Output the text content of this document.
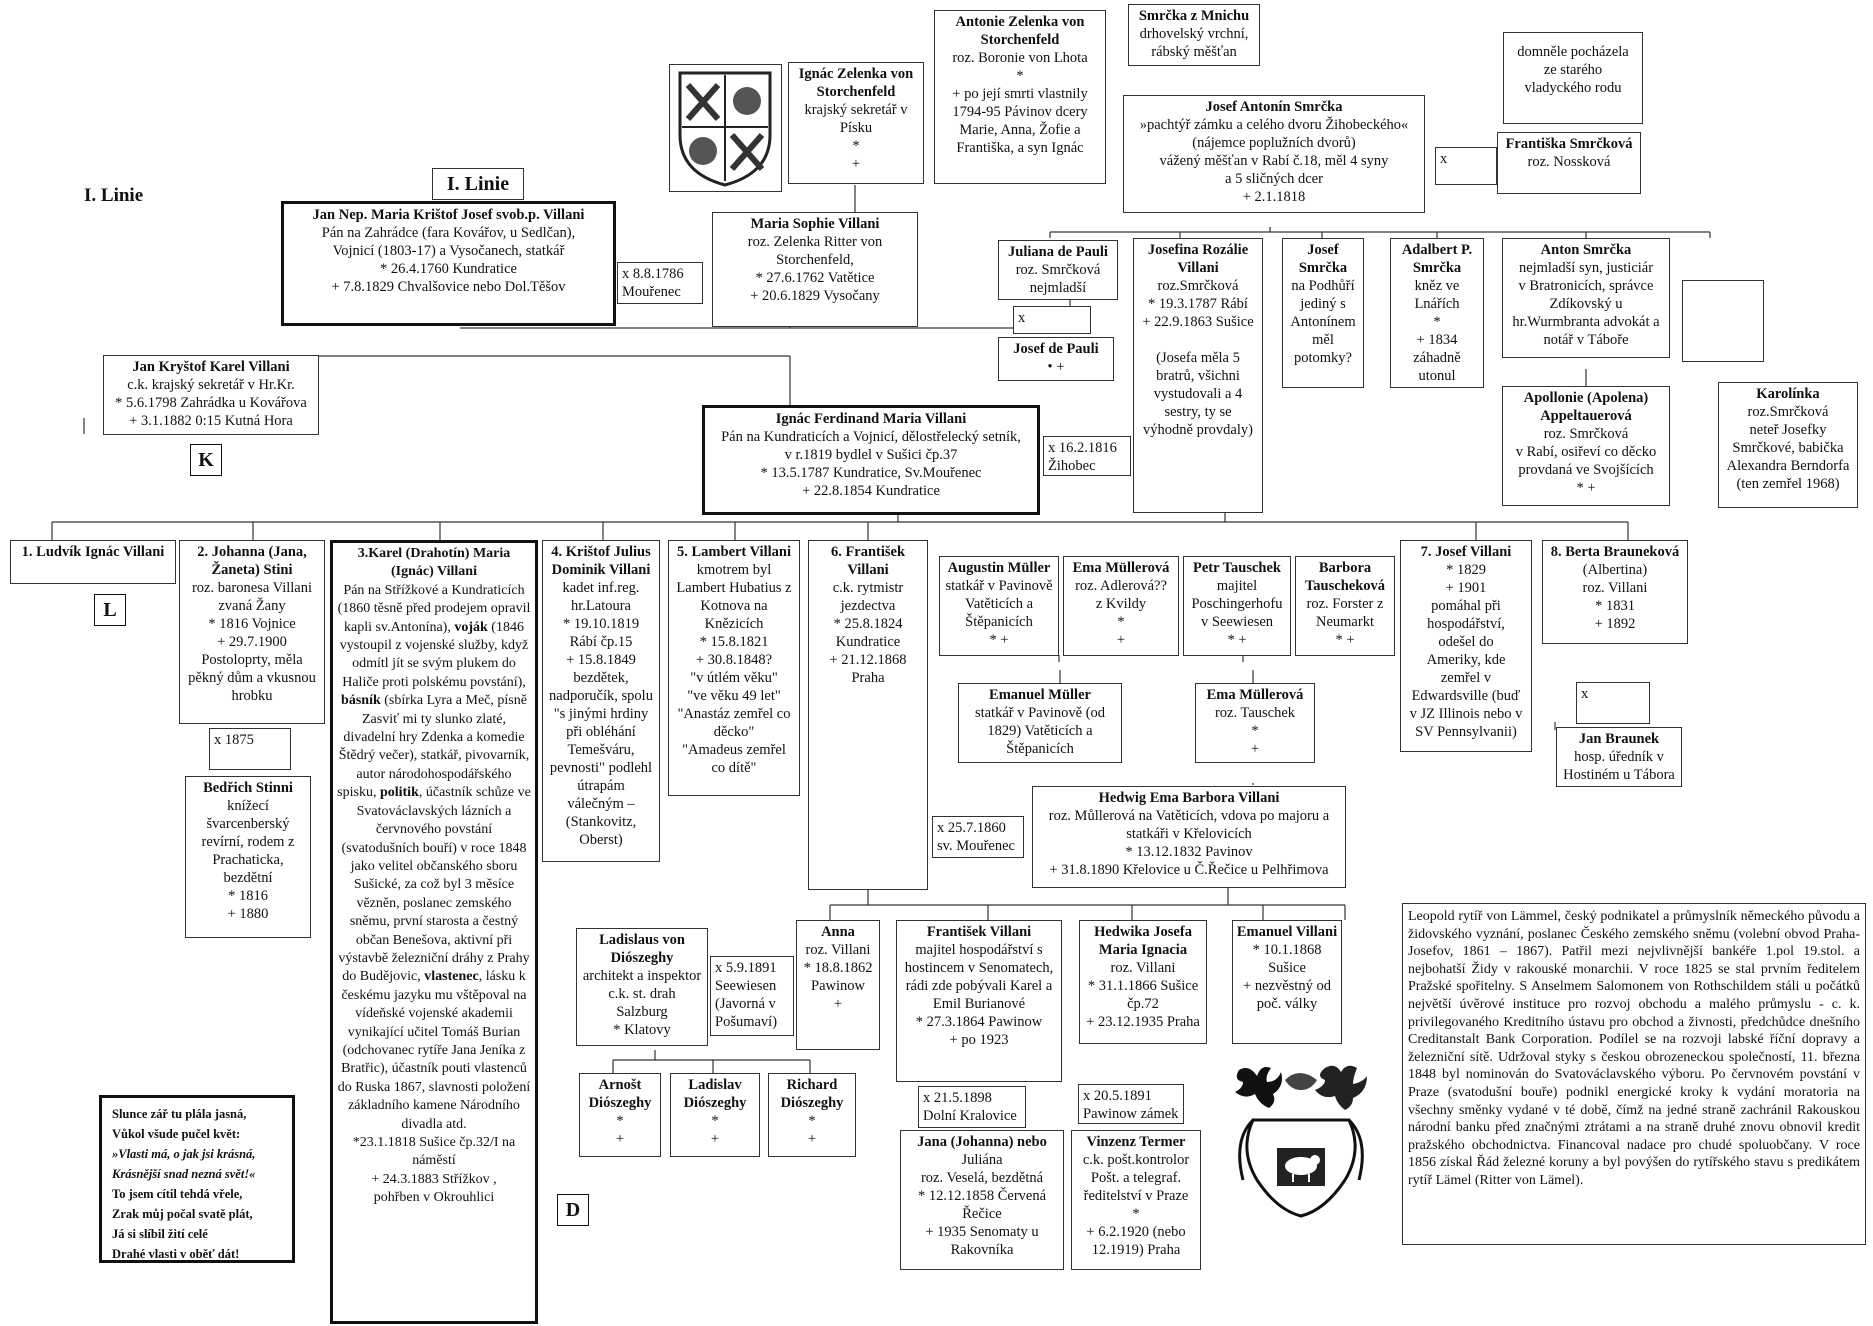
I. Linie
I. Linie
Antonie Zelenka von Storchenfeld
roz. Boronie von Lhota
*
+ po její smrti vlastnily
1794-95 Pávinov dcery
Marie, Anna, Žofie a
Františka, a syn Ignác
Ignác Zelenka von Storchenfeld
krajský sekretář v
Písku
*
+
Smrčka z Mnichu
drhovelský vrchní,
rábský měšťan	domněle pocházela
ze starého
vladyckého rodu
Josef Antonín Smrčka
»pachtýř zámku a celého dvoru Žihobeckého«
(nájemce poplužních dvorů)
vážený měšťan v Rabí č.18, měl 4 syny
a 5 sličných dcer
+ 2.1.1818
x
Františka Smrčková
roz. Nossková
Jan Nep. Maria Krištof Josef svob.p. Villani
Pán na Zahrádce (fara Kovářov, u Sedlčan),
Vojnicí (1803-17) a Vysočanech, statkář
* 26.4.1760 Kundratice
+ 7.8.1829 Chvalšovice nebo Dol.Těšov
x 8.8.1786
Mouřenec
Maria Sophie Villani
roz. Zelenka Ritter von
Storchenfeld,
* 27.6.1762 Vatětice
+ 20.6.1829 Vysočany
Juliana de Pauli
roz. Smrčková
nejmladší
x
Josef de Pauli
• +
Josefina Rozálie Villani
roz.Smrčková
* 19.3.1787 Rábí
+ 22.9.1863 Sušice

(Josefa měla 5
bratrů, všichni
vystudovali a 4
sestry, ty se
výhodně provdaly)
Josef Smrčka
na Podhůří
jediný s
Antonínem
měl
potomky?
Adalbert P. Smrčka
kněz ve
Lnářích
*
+ 1834
záhadně
utonul
Anton Smrčka
nejmladší syn, justiciár
v Bratronicích, správce
Zdíkovský u
hr.Wurmbranta advokát a
notář v Táboře
Apollonie (Apolena) Appeltauerová
roz. Smrčková
v Rabí, osiřeví co děcko
provdaná ve Svojšících
* +
Karolínka
roz.Smrčková
neteř Josefky
Smrčkové, babička
Alexandra Berndorfa
(ten zemřel 1968)
Jan Kryštof Karel Villani
c.k. krajský sekretář v Hr.Kr.
* 5.6.1798 Zahrádka u Kovářova
+ 3.1.1882 0:15 Kutná Hora
K
Ignác Ferdinand Maria Villani
Pán na Kundraticích a Vojnicí, dělostřelecký setník,
v r.1819 bydlel v Sušici čp.37
* 13.5.1787 Kundratice, Sv.Mouřenec
+ 22.8.1854 Kundratice
x 16.2.1816
Žihobec
1. Ludvík Ignác Villani
L
2. Johanna (Jana, Žaneta) Stini
roz. baronesa Villani
zvaná Žany
* 1816 Vojnice
+ 29.7.1900
Postoloprty, měla
pěkný dům a vkusnou
hrobku
x 1875
Bedřich Stinni
knížecí
švarcenberský
revírní, rodem z
Prachaticka,
bezdětní
* 1816
+ 1880
3.Karel (Drahotín) Maria (Ignác) Villani
Pán na Střížkové a Kundraticích (1860 těsně před prodejem opravil kapli sv.Antonína), voják (1846 vystoupil z vojenské služby, když odmítl jít se svým plukem do Haliče proti polskému povstání), básník (sbírka Lyra a Meč, písně Zasviť mi ty slunko zlaté, divadelní hry Zdenka a komedie Štědrý večer), statkář, pivovarník, autor národohospodářského spisku, politik, účastník schůze ve Svatováclavských lázních a červnového povstání (svatodušních bouří) v roce 1848 jako velitel občanského sboru Sušické, za což byl 3 měsíce vězněn, poslanec zemského sněmu, první starosta a čestný občan Benešova, aktivní při výstavbě železniční dráhy z Prahy do Budějovic, vlastenec, lásku k českému jazyku mu vštěpoval na vídeňské vojenské akademii vynikající učitel Tomáš Burian (odchovanec rytíře Jana Jeníka z Bratřic), účastník pouti vlastenců do Ruska 1867, slavnosti položení základního kamene Národního divadla atd.
*23.1.1818 Sušice čp.32/I na náměstí
+ 24.3.1883 Střížkov ,
pohřben v Okrouhlici
D
4. Krištof Julius Dominik Villani
kadet inf.reg.
hr.Latoura
* 19.10.1819
Rábí čp.15
+ 15.8.1849
bezdětek,
nadporučík, spolu
"s jinými hrdiny
při obléhání
Temešváru,
pevnosti" podlehl
útrapám
válečným –
(Stankovitz,
Oberst)
5. Lambert Villani
kmotrem byl
Lambert Hubatius z
Kotnova na
Knězicích
* 15.8.1821
+ 30.8.1848?
"v útlém věku"
"ve věku 49 let"
"Anastáz zemřel co
děcko"
"Amadeus zemřel
co dítě"
6. František Villani
c.k. rytmistr
jezdectva
* 25.8.1824
Kundratice
+ 21.12.1868
Praha
Augustin Müller
statkář v Pavinově
Vatěticích a
Štěpanicích
* +
Ema Müllerová
roz. Adlerová??
z Kvildy
*
+
Petr Tauschek
majitel
Poschingerhofu
v Seewiesen
* +
Barbora Tauscheková
roz. Forster z
Neumarkt
* +
7. Josef Villani
* 1829
+ 1901
pomáhal při
hospodářství,
odešel do
Ameriky, kde
zemřel v
Edwardsville (buď
v JZ Illinois nebo v
SV Pennsylvanii)
8. Berta Brauneková
(Albertina)
roz. Villani
* 1831
+ 1892
Emanuel Müller
statkář v Pavinově (od
1829) Vatěticích a
Štěpanicích
Ema Müllerová
roz. Tauschek
*
+
x
Jan Braunek
hosp. úředník v
Hostiném u Tábora
x 25.7.1860
sv. Mouřenec
Hedwig Ema Barbora Villani
roz. Můllerová na Vatěticích, vdova po majoru a
statkáři v Křelovicích
* 13.12.1832 Pavinov
+ 31.8.1890 Křelovice u Č.Řečice u Pelhřimova
Ladislaus von Diószeghy
architekt a inspektor
c.k. st. drah
Salzburg
* Klatovy
x 5.9.1891
Seewiesen
(Javorná v
Pošumaví)
Anna
roz. Villani
* 18.8.1862
Pawinow
+
František Villani
majitel hospodářství s
hostincem v Senomatech,
rádi zde pobývali Karel a
Emil Burianové
* 27.3.1864 Pawinow
+ po 1923
Hedwika Josefa Maria Ignacia
roz. Villani
* 31.1.1866 Sušice
čp.72
+ 23.12.1935 Praha
Emanuel Villani
* 10.1.1868
Sušice
+ nezvěstný od
poč. války
Arnošt Diószeghy
*
+
Ladislav Diószeghy
*
+
Richard Diószeghy
*
+
x 21.5.1898
Dolní Kralovice
x 20.5.1891
Pawinow zámek
Jana (Johanna) nebo
Juliána
roz. Veselá, bezdětná
* 12.12.1858 Červená
Řečice
+ 1935 Senomaty u
Rakovníka
Vinzenz Termer
c.k. pošt.kontrolor
Pošt. a telegraf.
ředitelství v Praze
*
+ 6.2.1920 (nebo
12.1919) Praha
Leopold rytíř von Lämmel, český podnikatel a průmyslník německého původu a židovského vyznání, poslanec Českého zemského sněmu (volební obvod Praha-Josefov, 1861 – 1867). Patřil mezi nejvlivnější bankéře 1.pol 19.stol. a nejbohatší Židy v rakouské monarchii. V roce 1825 se stal prvním ředitelem Pražské spořitelny. S Anselmem Salomonem von Rothschildem stáli u počátků největší úvěrové instituce pro rozvoj obchodu a malého průmyslu - c. k. privilegovaného Kreditního ústavu pro obchod a živnosti, předchůdce dnešního Creditanstalt Bank Corporation. Podílel se na rozvoji labské říční dopravy a železniční sítě. Udržoval styky s českou obrozeneckou společností, 11. března 1848 byl nominován do Svatováclavského výboru. Po červnovém povstání v Praze (svatodušní bouře) podnikl energické kroky k vydání moratoria na všechny směnky vydané v té době, čímž na jedné straně zachránil Rakouskou národní banku před značnými ztrátami a na straně druhé znovu obnovil kredit pražského obchodnictva. Financoval nadace pro chudé spoluobčany. V roce 1856 získal Řád železné koruny a byl povýšen do rytířského stavu s predikátem rytíř Lämel (Ritter von Lämel).
Slunce zář tu plála jasná,
Vůkol všude pučel květ:
»Vlasti má, o jak jsi krásná,
Krásnější snad nezná svět!«
To jsem cítil tehdá vřele,
Zrak můj počal svatě plát,
Já si slíbil žití celé
Drahé vlasti v oběť dát!
